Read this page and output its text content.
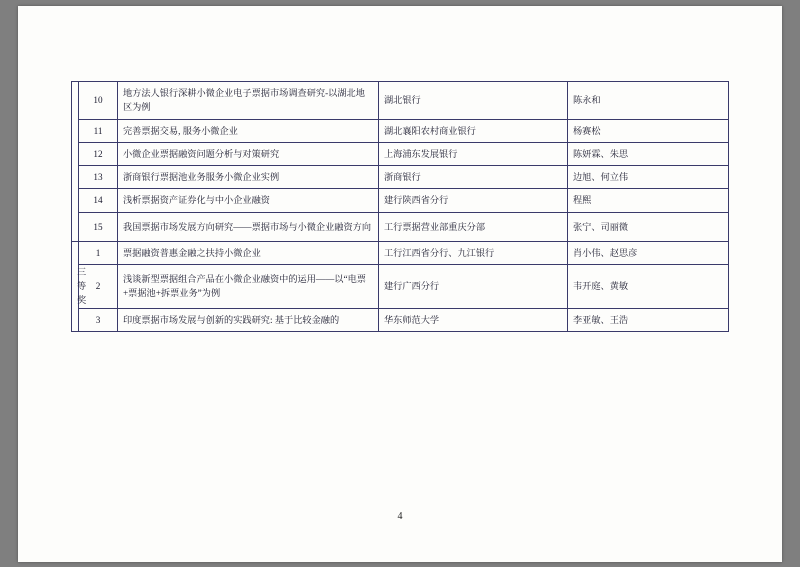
	10	地方法人银行深耕小微企业电子票据市场调查研究-以湖北地区为例	湖北银行	陈永和
	11	完善票据交易, 服务小微企业	湖北襄阳农村商业银行	杨赛松
	12	小微企业票据融资问题分析与对策研究	上海浦东发展银行	陈妍霖、朱思
	13	浙商银行票据池业务服务小微企业实例	浙商银行	边旭、何立伟
	14	浅析票据资产证券化与中小企业融资	建行陕西省分行	程熙
	15	我国票据市场发展方向研究——票据市场与小微企业融资方向	工行票据营业部重庆分部	张宁、司丽微
三等奖	1	票据融资普惠金融之扶持小微企业	工行江西省分行、九江银行	肖小伟、赵思彦
	2	浅谈新型票据组合产品在小微企业融资中的运用——以“电票+票据池+拆票业务”为例	建行广西分行	韦开庭、黄敏
	3	印度票据市场发展与创新的实践研究: 基于比较金融的	华东师范大学	李亚敏、王浩
4
